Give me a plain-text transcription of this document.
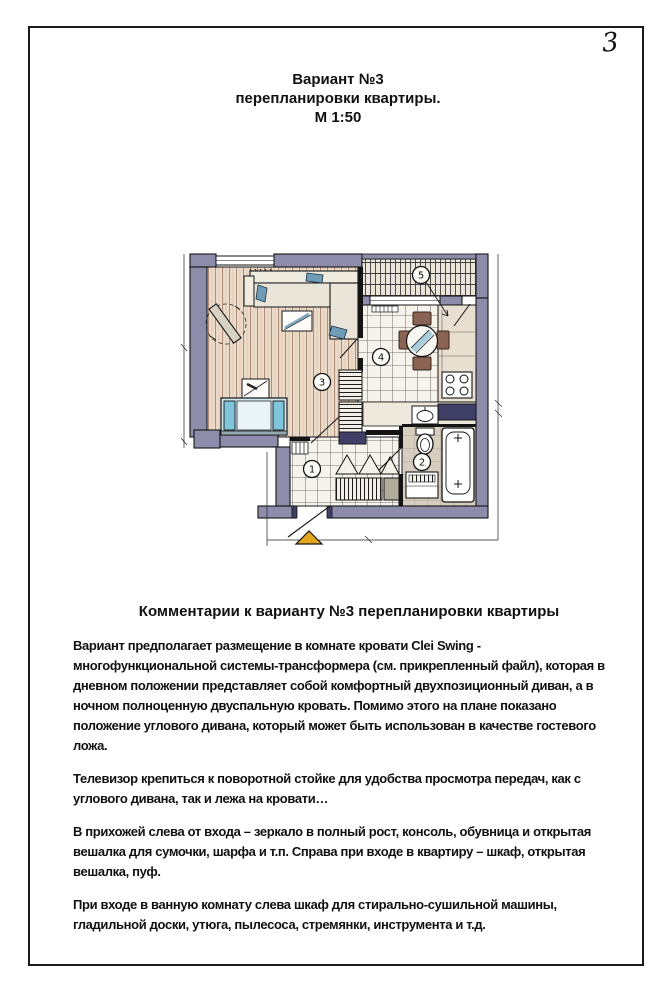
3
Вариант №3
перепланировки квартиры.
М 1:50
1
2
3
4
5
Комментарии к варианту №3 перепланировки квартиры

Вариант предполагает размещение в комнате кровати Clei Swing - многофункциональной системы-трансформера (см. прикрепленный файл), которая в дневном положении представляет собой комфортный двухпозиционный диван, а в ночном полноценную двуспальную кровать. Помимо этого на плане показано положение углового дивана, который может быть использован в качестве гостевого ложа.

Телевизор крепиться к поворотной стойке для удобства просмотра передач, как с углового дивана, так и лежа на кровати…

В прихожей слева от входа – зеркало в полный рост, консоль, обувница и открытая вешалка для сумочки, шарфа и т.п. Справа при входе в квартиру – шкаф, открытая вешалка, пуф.

При входе в ванную комнату слева шкаф для стирально-сушильной машины, гладильной доски, утюга, пылесоса, стремянки, инструмента и т.д.
